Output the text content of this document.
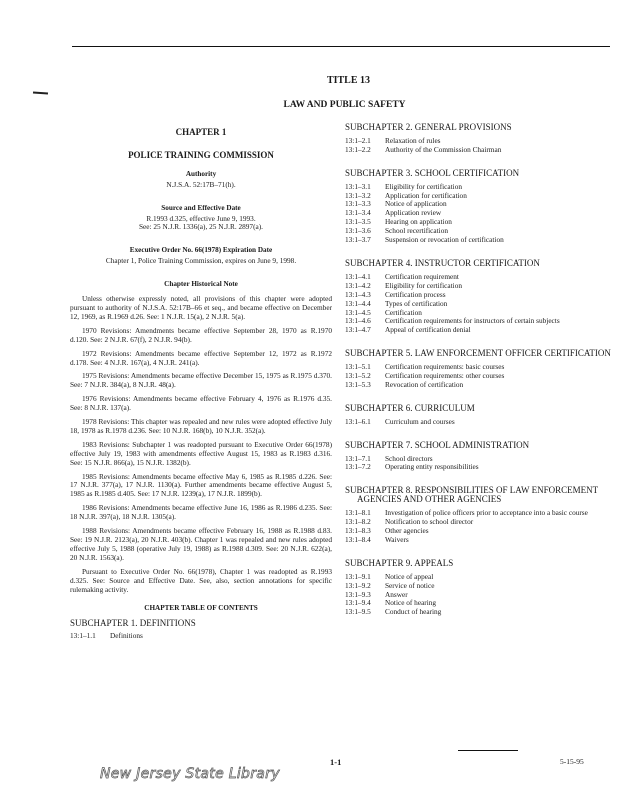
TITLE 13
LAW AND PUBLIC SAFETY
CHAPTER 1
POLICE TRAINING COMMISSION
Authority
N.J.S.A. 52:17B–71(h).
Source and Effective Date
R.1993 d.325, effective June 9, 1993.
See: 25 N.J.R. 1336(a), 25 N.J.R. 2897(a).
Executive Order No. 66(1978) Expiration Date
Chapter 1, Police Training Commission, expires on June 9, 1998.
Chapter Historical Note

Unless otherwise expressly noted, all provisions of this chapter were adopted pursuant to authority of N.J.S.A. 52:17B–66 et seq., and became effective on December 12, 1969, as R.1969 d.26. See: 1 N.J.R. 15(a), 2 N.J.R. 5(a).

1970 Revisions: Amendments became effective September 28, 1970 as R.1970 d.120. See: 2 N.J.R. 67(f), 2 N.J.R. 94(b).

1972 Revisions: Amendments became effective September 12, 1972 as R.1972 d.178. See: 4 N.J.R. 167(a), 4 N.J.R. 241(a).

1975 Revisions: Amendments became effective December 15, 1975 as R.1975 d.370. See: 7 N.J.R. 384(a), 8 N.J.R. 48(a).

1976 Revisions: Amendments became effective February 4, 1976 as R.1976 d.35. See: 8 N.J.R. 137(a).

1978 Revisions: This chapter was repealed and new rules were adopted effective July 18, 1978 as R.1978 d.236. See: 10 N.J.R. 168(b), 10 N.J.R. 352(a).

1983 Revisions: Subchapter 1 was readopted pursuant to Executive Order 66(1978) effective July 19, 1983 with amendments effective August 15, 1983 as R.1983 d.316. See: 15 N.J.R. 866(a), 15 N.J.R. 1382(b).

1985 Revisions: Amendments became effective May 6, 1985 as R.1985 d.226. See: 17 N.J.R. 377(a), 17 N.J.R. 1130(a). Further amendments became effective August 5, 1985 as R.1985 d.405. See: 17 N.J.R. 1239(a), 17 N.J.R. 1899(b).

1986 Revisions: Amendments became effective June 16, 1986 as R.1986 d.235. See: 18 N.J.R. 397(a), 18 N.J.R. 1305(a).

1988 Revisions: Amendments became effective February 16, 1988 as R.1988 d.83. See: 19 N.J.R. 2123(a), 20 N.J.R. 403(b). Chapter 1 was repealed and new rules adopted effective July 5, 1988 (operative July 19, 1988) as R.1988 d.309. See: 20 N.J.R. 622(a), 20 N.J.R. 1563(a).

Pursuant to Executive Order No. 66(1978), Chapter 1 was readopted as R.1993 d.325. See: Source and Effective Date. See, also, section annotations for specific rulemaking activity.

CHAPTER TABLE OF CONTENTS
SUBCHAPTER 1. DEFINITIONS
13:1–1.1	Definitions
SUBCHAPTER 2. GENERAL PROVISIONS
13:1–2.1	Relaxation of rules
13:1–2.2	Authority of the Commission Chairman
SUBCHAPTER 3. SCHOOL CERTIFICATION
13:1–3.1	Eligibility for certification
13:1–3.2	Application for certification
13:1–3.3	Notice of application
13:1–3.4	Application review
13:1–3.5	Hearing on application
13:1–3.6	School recertification
13:1–3.7	Suspension or revocation of certification
SUBCHAPTER 4. INSTRUCTOR CERTIFICATION
13:1–4.1	Certification requirement
13:1–4.2	Eligibility for certification
13:1–4.3	Certification process
13:1–4.4	Types of certification
13:1–4.5	Certification
13:1–4.6	Certification requirements for instructors of certain subjects
13:1–4.7	Appeal of certification denial
SUBCHAPTER 5. LAW ENFORCEMENT OFFICER CERTIFICATION
13:1–5.1	Certification requirements: basic courses
13:1–5.2	Certification requirements: other courses
13:1–5.3	Revocation of certification
SUBCHAPTER 6. CURRICULUM
13:1–6.1	Curriculum and courses
SUBCHAPTER 7. SCHOOL ADMINISTRATION
13:1–7.1	School directors
13:1–7.2	Operating entity responsibilities
SUBCHAPTER 8. RESPONSIBILITIES OF LAW ENFORCEMENT AGENCIES AND OTHER AGENCIES
13:1–8.1	Investigation of police officers prior to acceptance into a basic course
13:1–8.2	Notification to school director
13:1–8.3	Other agencies
13:1–8.4	Waivers
SUBCHAPTER 9. APPEALS
13:1–9.1	Notice of appeal
13:1–9.2	Service of notice
13:1–9.3	Answer
13:1–9.4	Notice of hearing
13:1–9.5	Conduct of hearing
1-1	5-15-95
New Jersey State Library
